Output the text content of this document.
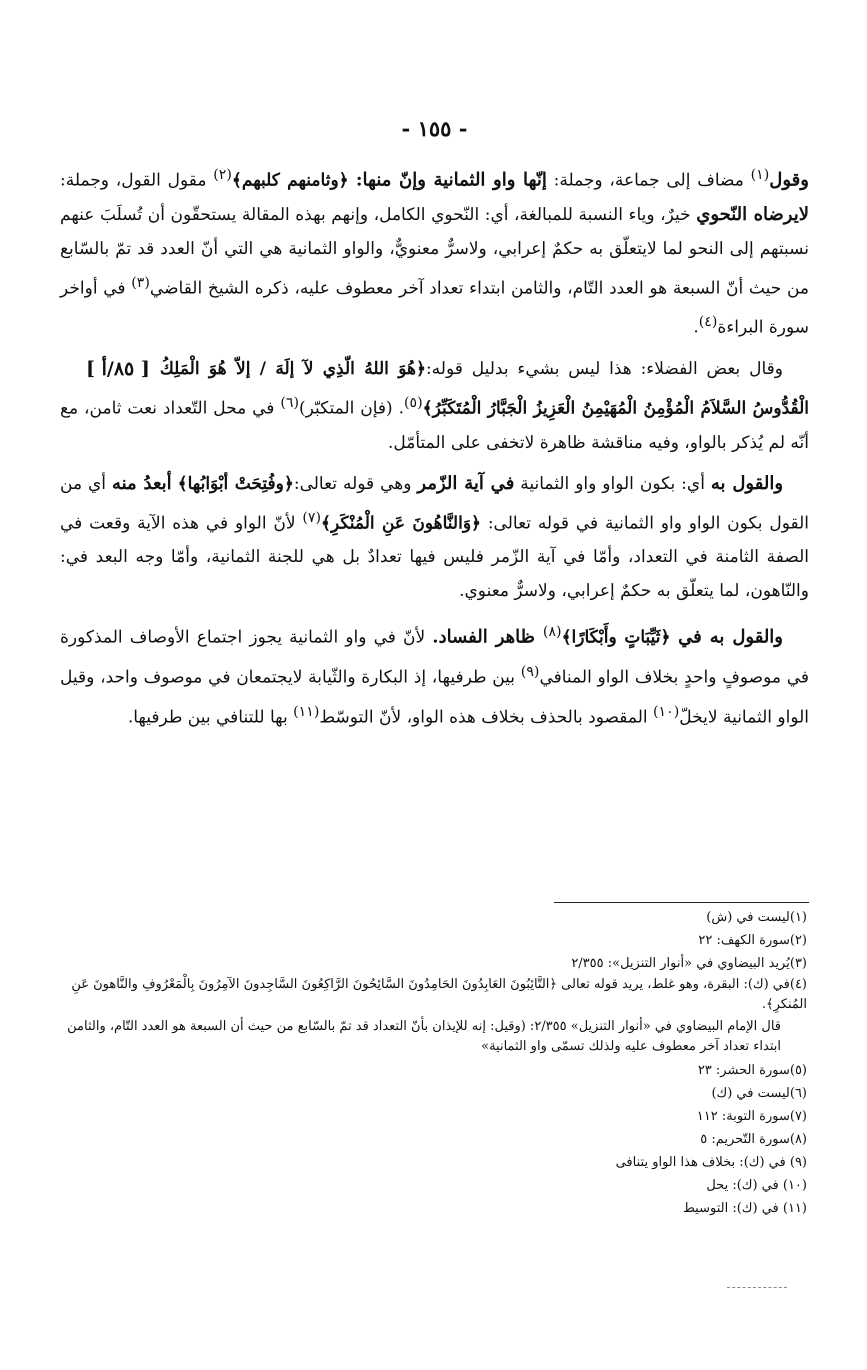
- ١٥٥ -

وقول$^{(١)}$ مضاف إلى جماعة، وجملة: إنّها واو الثمانية وإنّ منها: ﴿وثامنهم كلبهم﴾$^{(٢)}$ مقول القول، وجملة: لايرضاه النّحوي خيرٌ، وياء النسبة للمبالغة، أي: النّحوي الكامل، وإنهم بهذه المقالة يستحقّون أن تُسلَبَ عنهم نسبتهم إلى النحو لما لايتعلّق به حكمٌ إعرابي، ولاسرٌّ معنويٌّ، والواو الثمانية هي التي أنّ العدد قد تمّ بالسّابع من حيث أنّ السبعة هو العدد التّام، والثامن ابتداء تعداد آخر معطوف عليه، ذكره الشيخ القاضي$^{(٣)}$ في أواخر سورة البراءة$^{(٤)}$.

[ ٨٥/أ ]	وقال بعض الفضلاء: هذا ليس بشيء بدليل قوله:﴿هُوَ اللهُ الّذِي لآ إلَهَ / إلاّ هُوَ الْمَلِكُ الْقُدُّوسُ السَّلاَمُ الْمُؤْمِنُ الْمُهَيْمِنُ الْعَزِيزُ الْجَبَّارُ الْمُتَكَبِّرُ﴾$^{(٥)}$. (فإن المتكبّر)$^{(٦)}$ في محل التّعداد نعت ثامن، مع أنّه لم يُذكر بالواو، وفيه مناقشة ظاهرة لاتخفى على المتأمّل.

والقول به أي: بكون الواو واو الثمانية في آية الزّمر وهي قوله تعالى:﴿وفُتِحَتْ أبْوَابُها﴾ أبعدُ منه أي من القول بكون الواو واو الثمانية في قوله تعالى: ﴿وَالنَّاهُونَ عَنِ الْمُنْكَرِ﴾$^{(٧)}$ لأنّ الواو في هذه الآية وقعت في الصفة الثامنة في التعداد، وأمّا في آية الزّمر فليس فيها تعدادٌ بل هي للجنة الثمانية، وأمّا وجه البعد في: والنّاهون، لما يتعلّق به حكمٌ إعرابي، ولاسرٌّ معنوي.

والقول به في ﴿ثَيِّبَاتٍ وأَبْكَارًا﴾$^{(٨)}$ ظاهر الفساد. لأنّ في واو الثمانية يجوز اجتماع الأوصاف المذكورة في موصوفٍ واحدٍ بخلاف الواو المنافي$^{(٩)}$ بين طرفيها، إذ البكارة والثّيابة لايجتمعان في موصوف واحد، وقيل الواو الثمانية لايخلّ$^{(١٠)}$ المقصود بالحذف بخلاف هذه الواو، لأنّ التوسّط$^{(١١)}$ بها للتنافي بين طرفيها.

(١)ليست في (ش)

(٢)سورة الكهف: ٢٢

(٣)يُريد البيضاوي في «أنوار التنزيل»: ٢/٣٥٥

(٤)في (ك): البقرة، وهو غلط، يريد قوله تعالى ﴿التَّائِبُونَ العَابِدُونَ الحَامِدُونَ السَّائِحُونَ الرَّاكِعُونَ السَّاجِدونَ الآمِرُونَ بِالْمَعْرُوفِ والنَّاهونَ عَنِ المُنكرِ﴾.

قال الإمام البيضاوي في «أنوار التنزيل» ٢/٣٥٥: (وقيل: إنه للإيذان بأنّ التعداد قد تمّ بالسّابع من حيث أن السبعة هو العدد التّام، والثامن ابتداء تعداد آخر معطوف عليه ولذلك تسمّى واو الثمانية»

(٥)سورة الحشر: ٢٣

(٦)ليست في (ك)

(٧)سورة التوبة: ١١٢

(٨)سورة التّحريم: ٥

(٩) في (ك): بخلاف هذا الواو يتنافى

(١٠) في (ك): يحل

(١١) في (ك): التوسيط
